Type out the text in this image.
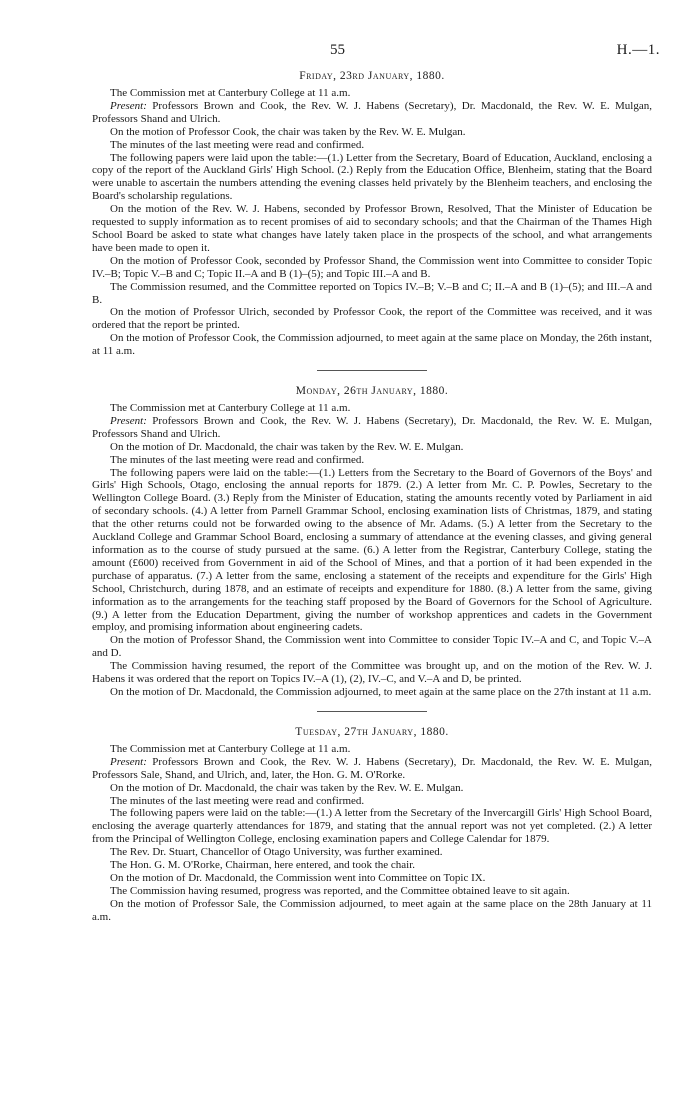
55	H.—1.
Friday, 23rd January, 1880.

The Commission met at Canterbury College at 11 a.m.

Present: Professors Brown and Cook, the Rev. W. J. Habens (Secretary), Dr. Macdonald, the Rev. W. E. Mulgan, Professors Shand and Ulrich.

On the motion of Professor Cook, the chair was taken by the Rev. W. E. Mulgan.

The minutes of the last meeting were read and confirmed.

The following papers were laid upon the table:—(1.) Letter from the Secretary, Board of Education, Auckland, enclosing a copy of the report of the Auckland Girls' High School. (2.) Reply from the Education Office, Blenheim, stating that the Board were unable to ascertain the numbers attending the evening classes held privately by the Blenheim teachers, and enclosing the Board's scholarship regulations.

On the motion of the Rev. W. J. Habens, seconded by Professor Brown, Resolved, That the Minister of Education be requested to supply information as to recent promises of aid to secondary schools; and that the Chairman of the Thames High School Board be asked to state what changes have lately taken place in the prospects of the school, and what arrangements have been made to open it.

On the motion of Professor Cook, seconded by Professor Shand, the Commission went into Committee to consider Topic IV.–B; Topic V.–B and C; Topic II.–A and B (1)–(5); and Topic III.–A and B.

The Commission resumed, and the Committee reported on Topics IV.–B; V.–B and C; II.–A and B (1)–(5); and III.–A and B.

On the motion of Professor Ulrich, seconded by Professor Cook, the report of the Committee was received, and it was ordered that the report be printed.

On the motion of Professor Cook, the Commission adjourned, to meet again at the same place on Monday, the 26th instant, at 11 a.m.

Monday, 26th January, 1880.

The Commission met at Canterbury College at 11 a.m.

Present: Professors Brown and Cook, the Rev. W. J. Habens (Secretary), Dr. Macdonald, the Rev. W. E. Mulgan, Professors Shand and Ulrich.

On the motion of Dr. Macdonald, the chair was taken by the Rev. W. E. Mulgan.

The minutes of the last meeting were read and confirmed.

The following papers were laid on the table:—(1.) Letters from the Secretary to the Board of Governors of the Boys' and Girls' High Schools, Otago, enclosing the annual reports for 1879. (2.) A letter from Mr. C. P. Powles, Secretary to the Wellington College Board. (3.) Reply from the Minister of Education, stating the amounts recently voted by Parliament in aid of secondary schools. (4.) A letter from Parnell Grammar School, enclosing examination lists of Christmas, 1879, and stating that the other returns could not be forwarded owing to the absence of Mr. Adams. (5.) A letter from the Secretary to the Auckland College and Grammar School Board, enclosing a summary of attendance at the evening classes, and giving general information as to the course of study pursued at the same. (6.) A letter from the Registrar, Canterbury College, stating the amount (£600) received from Government in aid of the School of Mines, and that a portion of it had been expended in the purchase of apparatus. (7.) A letter from the same, enclosing a statement of the receipts and expenditure for the Girls' High School, Christchurch, during 1878, and an estimate of receipts and expenditure for 1880. (8.) A letter from the same, giving information as to the arrangements for the teaching staff proposed by the Board of Governors for the School of Agriculture. (9.) A letter from the Education Department, giving the number of workshop apprentices and cadets in the Government employ, and promising information about engineering cadets.

On the motion of Professor Shand, the Commission went into Committee to consider Topic IV.–A and C, and Topic V.–A and D.

The Commission having resumed, the report of the Committee was brought up, and on the motion of the Rev. W. J. Habens it was ordered that the report on Topics IV.–A (1), (2), IV.–C, and V.–A and D, be printed.

On the motion of Dr. Macdonald, the Commission adjourned, to meet again at the same place on the 27th instant at 11 a.m.

Tuesday, 27th January, 1880.

The Commission met at Canterbury College at 11 a.m.

Present: Professors Brown and Cook, the Rev. W. J. Habens (Secretary), Dr. Macdonald, the Rev. W. E. Mulgan, Professors Sale, Shand, and Ulrich, and, later, the Hon. G. M. O'Rorke.

On the motion of Dr. Macdonald, the chair was taken by the Rev. W. E. Mulgan.

The minutes of the last meeting were read and confirmed.

The following papers were laid on the table:—(1.) A letter from the Secretary of the Invercargill Girls' High School Board, enclosing the average quarterly attendances for 1879, and stating that the annual report was not yet completed. (2.) A letter from the Principal of Wellington College, enclosing examination papers and College Calendar for 1879.

The Rev. Dr. Stuart, Chancellor of Otago University, was further examined.

The Hon. G. M. O'Rorke, Chairman, here entered, and took the chair.

On the motion of Dr. Macdonald, the Commission went into Committee on Topic IX.

The Commission having resumed, progress was reported, and the Committee obtained leave to sit again.

On the motion of Professor Sale, the Commission adjourned, to meet again at the same place on the 28th January at 11 a.m.
